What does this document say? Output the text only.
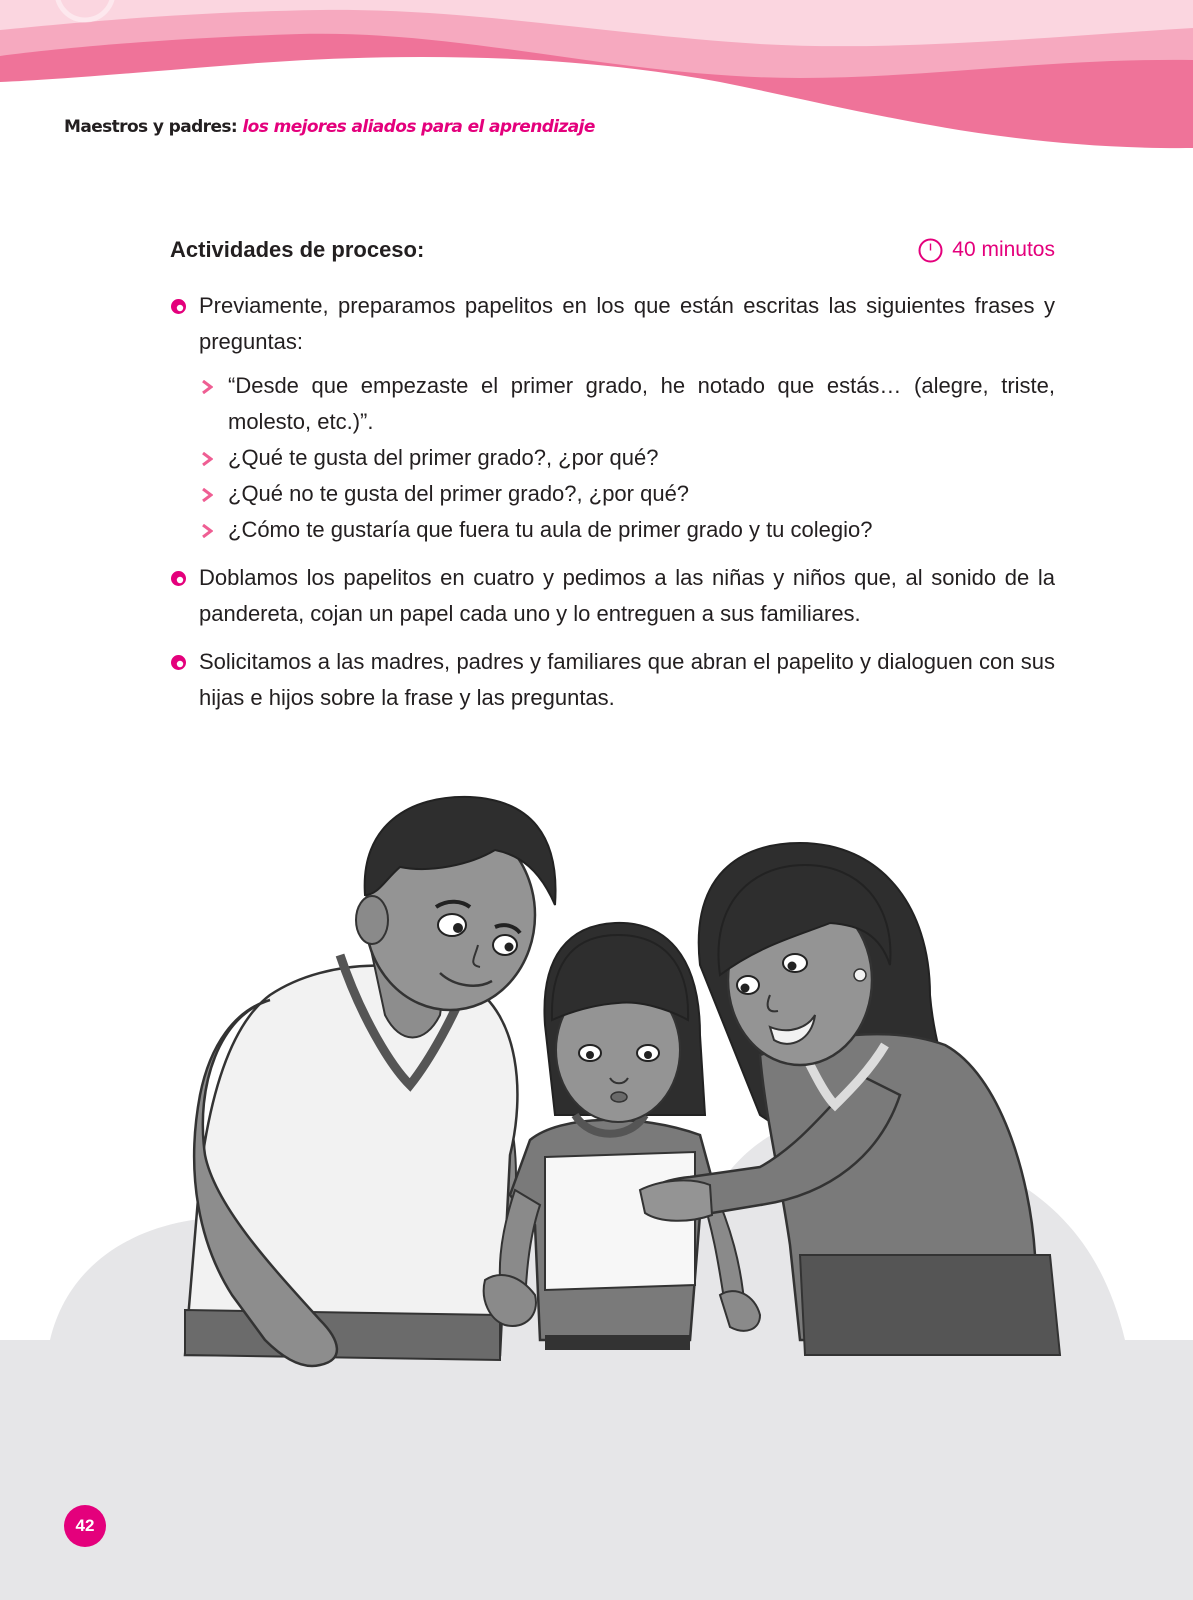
Maestros y padres: los mejores aliados para el aprendizaje
Actividades de proceso:	40 minutos
Previamente, preparamos papelitos en los que están escritas las siguientes frases y preguntas:
“Desde que empezaste el primer grado, he notado que estás… (alegre, triste, molesto, etc.)”.
¿Qué te gusta del primer grado?, ¿por qué?
¿Qué no te gusta del primer grado?, ¿por qué?
¿Cómo te gustaría que fuera tu aula de primer grado y tu colegio?
Doblamos los papelitos en cuatro y pedimos a las niñas y niños que, al sonido de la pandereta, cojan un papel cada uno y lo entreguen a sus familiares.
Solicitamos a las madres, padres y familiares que abran el papelito y dialoguen con sus hijas e hijos sobre la frase y las preguntas.
42
